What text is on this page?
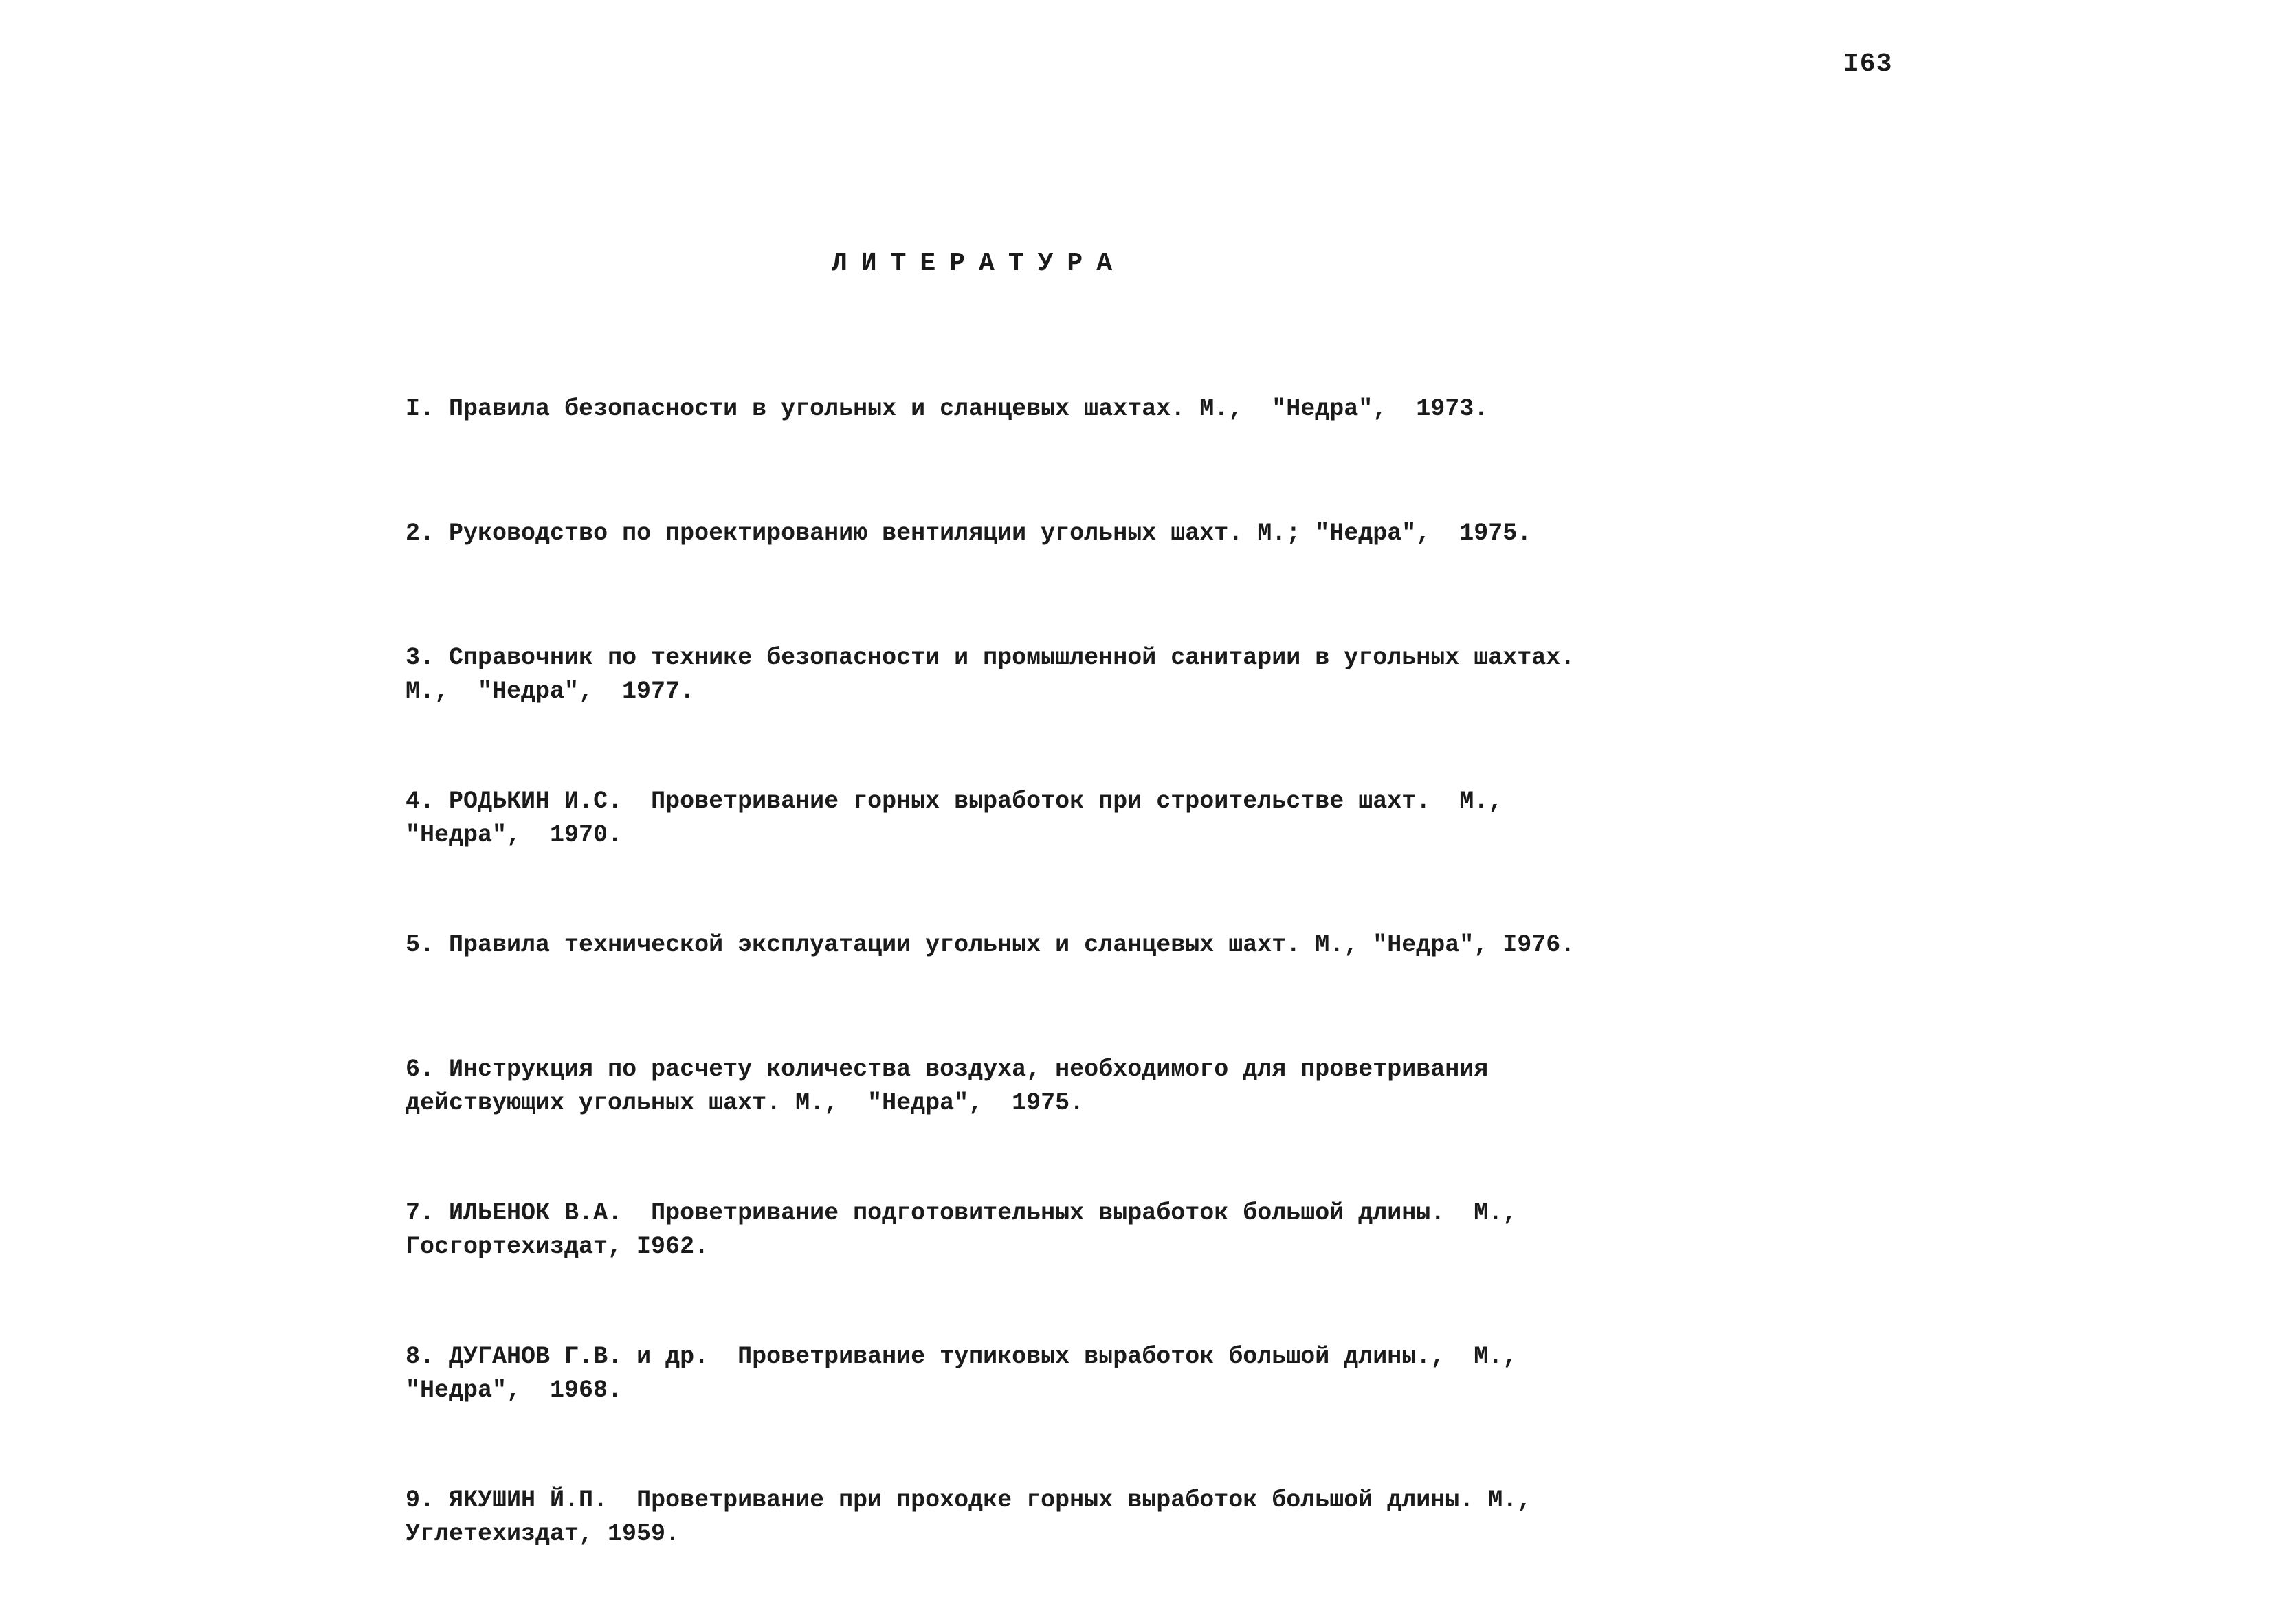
I63
ЛИТЕРАТУРА

I. Правила безопасности в угольных и сланцевых шахтах. М.,  "Недра",  1973.

2. Руководство по проектированию вентиляции угольных шахт. М.; "Недра",  1975.

3. Справочник по технике безопасности и промышленной санитарии в угольных шахтах.
М.,  "Недра",  1977.

4. РОДЬКИН И.С.  Проветривание горных выработок при строительстве шахт.  М.,
"Недра",  1970.

5. Правила технической эксплуатации угольных и сланцевых шахт. М., "Недра", I976.

6. Инструкция по расчету количества воздуха, необходимого для проветривания
действующих угольных шахт. М.,  "Недра",  1975.

7. ИЛЬЕНОК В.А.  Проветривание подготовительных выработок большой длины.  М.,
Госгортехиздат, I962.

8. ДУГАНОВ Г.В. и др.  Проветривание тупиковых выработок большой длины.,  М.,
"Недра",  1968.

9. ЯКУШИН Й.П.  Проветривание при проходке горных выработок большой длины. М.,
Углетехиздат, 1959.
